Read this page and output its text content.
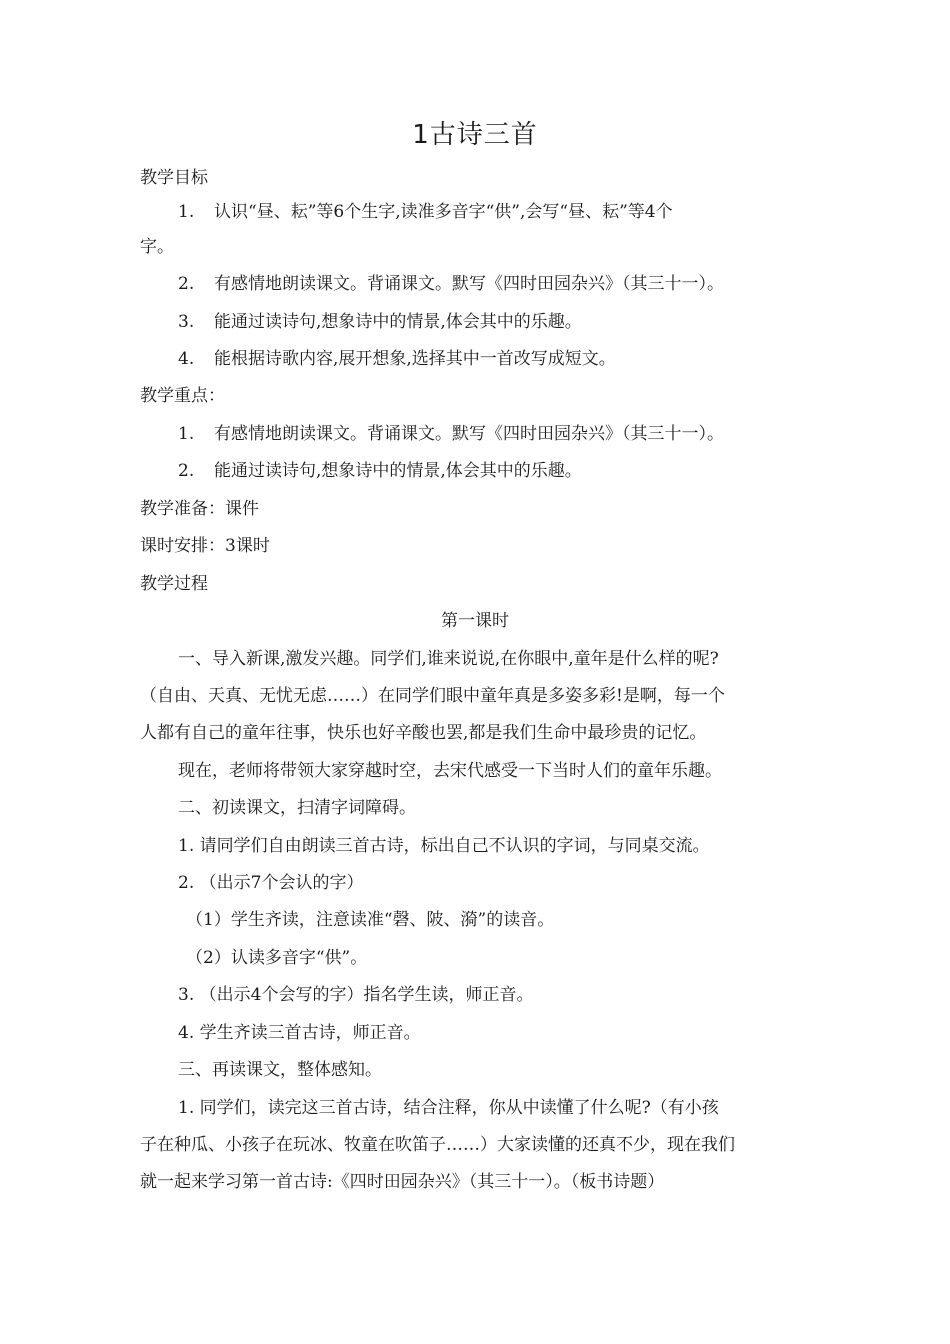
1古诗三首
教学目标
1. 认识“昼、耘”等6个生字,读准多音字“供”,会写“昼、耘”等4个
字。
2. 有感情地朗读课文。背诵课文。默写《四时田园杂兴》（其三十一）。
3. 能通过读诗句,想象诗中的情景,体会其中的乐趣。
4. 能根据诗歌内容,展开想象,选择其中一首改写成短文。
教学重点：
1. 有感情地朗读课文。背诵课文。默写《四时田园杂兴》（其三十一）。
2. 能通过读诗句,想象诗中的情景,体会其中的乐趣。
教学准备：课件
课时安排：3课时
教学过程
第一课时
一、导入新课,激发兴趣。同学们,谁来说说,在你眼中,童年是什么样的呢?
（自由、天真、无忧无虑……）在同学们眼中童年真是多姿多彩!是啊，每一个
人都有自己的童年往事，快乐也好辛酸也罢,都是我们生命中最珍贵的记忆。
现在，老师将带领大家穿越时空，去宋代感受一下当时人们的童年乐趣。
二、初读课文，扫清字词障碍。
1. 请同学们自由朗读三首古诗，标出自己不认识的字词，与同桌交流。
2. （出示7个会认的字）
（1）学生齐读，注意读准“磬、陂、漪”的读音。
（2）认读多音字“供”。
3. （出示4个会写的字）指名学生读，师正音。
4. 学生齐读三首古诗，师正音。
三、再读课文，整体感知。
1. 同学们，读完这三首古诗，结合注释，你从中读懂了什么呢?（有小孩
子在种瓜、小孩子在玩冰、牧童在吹笛子……）大家读懂的还真不少，现在我们
就一起来学习第一首古诗:《四时田园杂兴》（其三十一）。（板书诗题）
